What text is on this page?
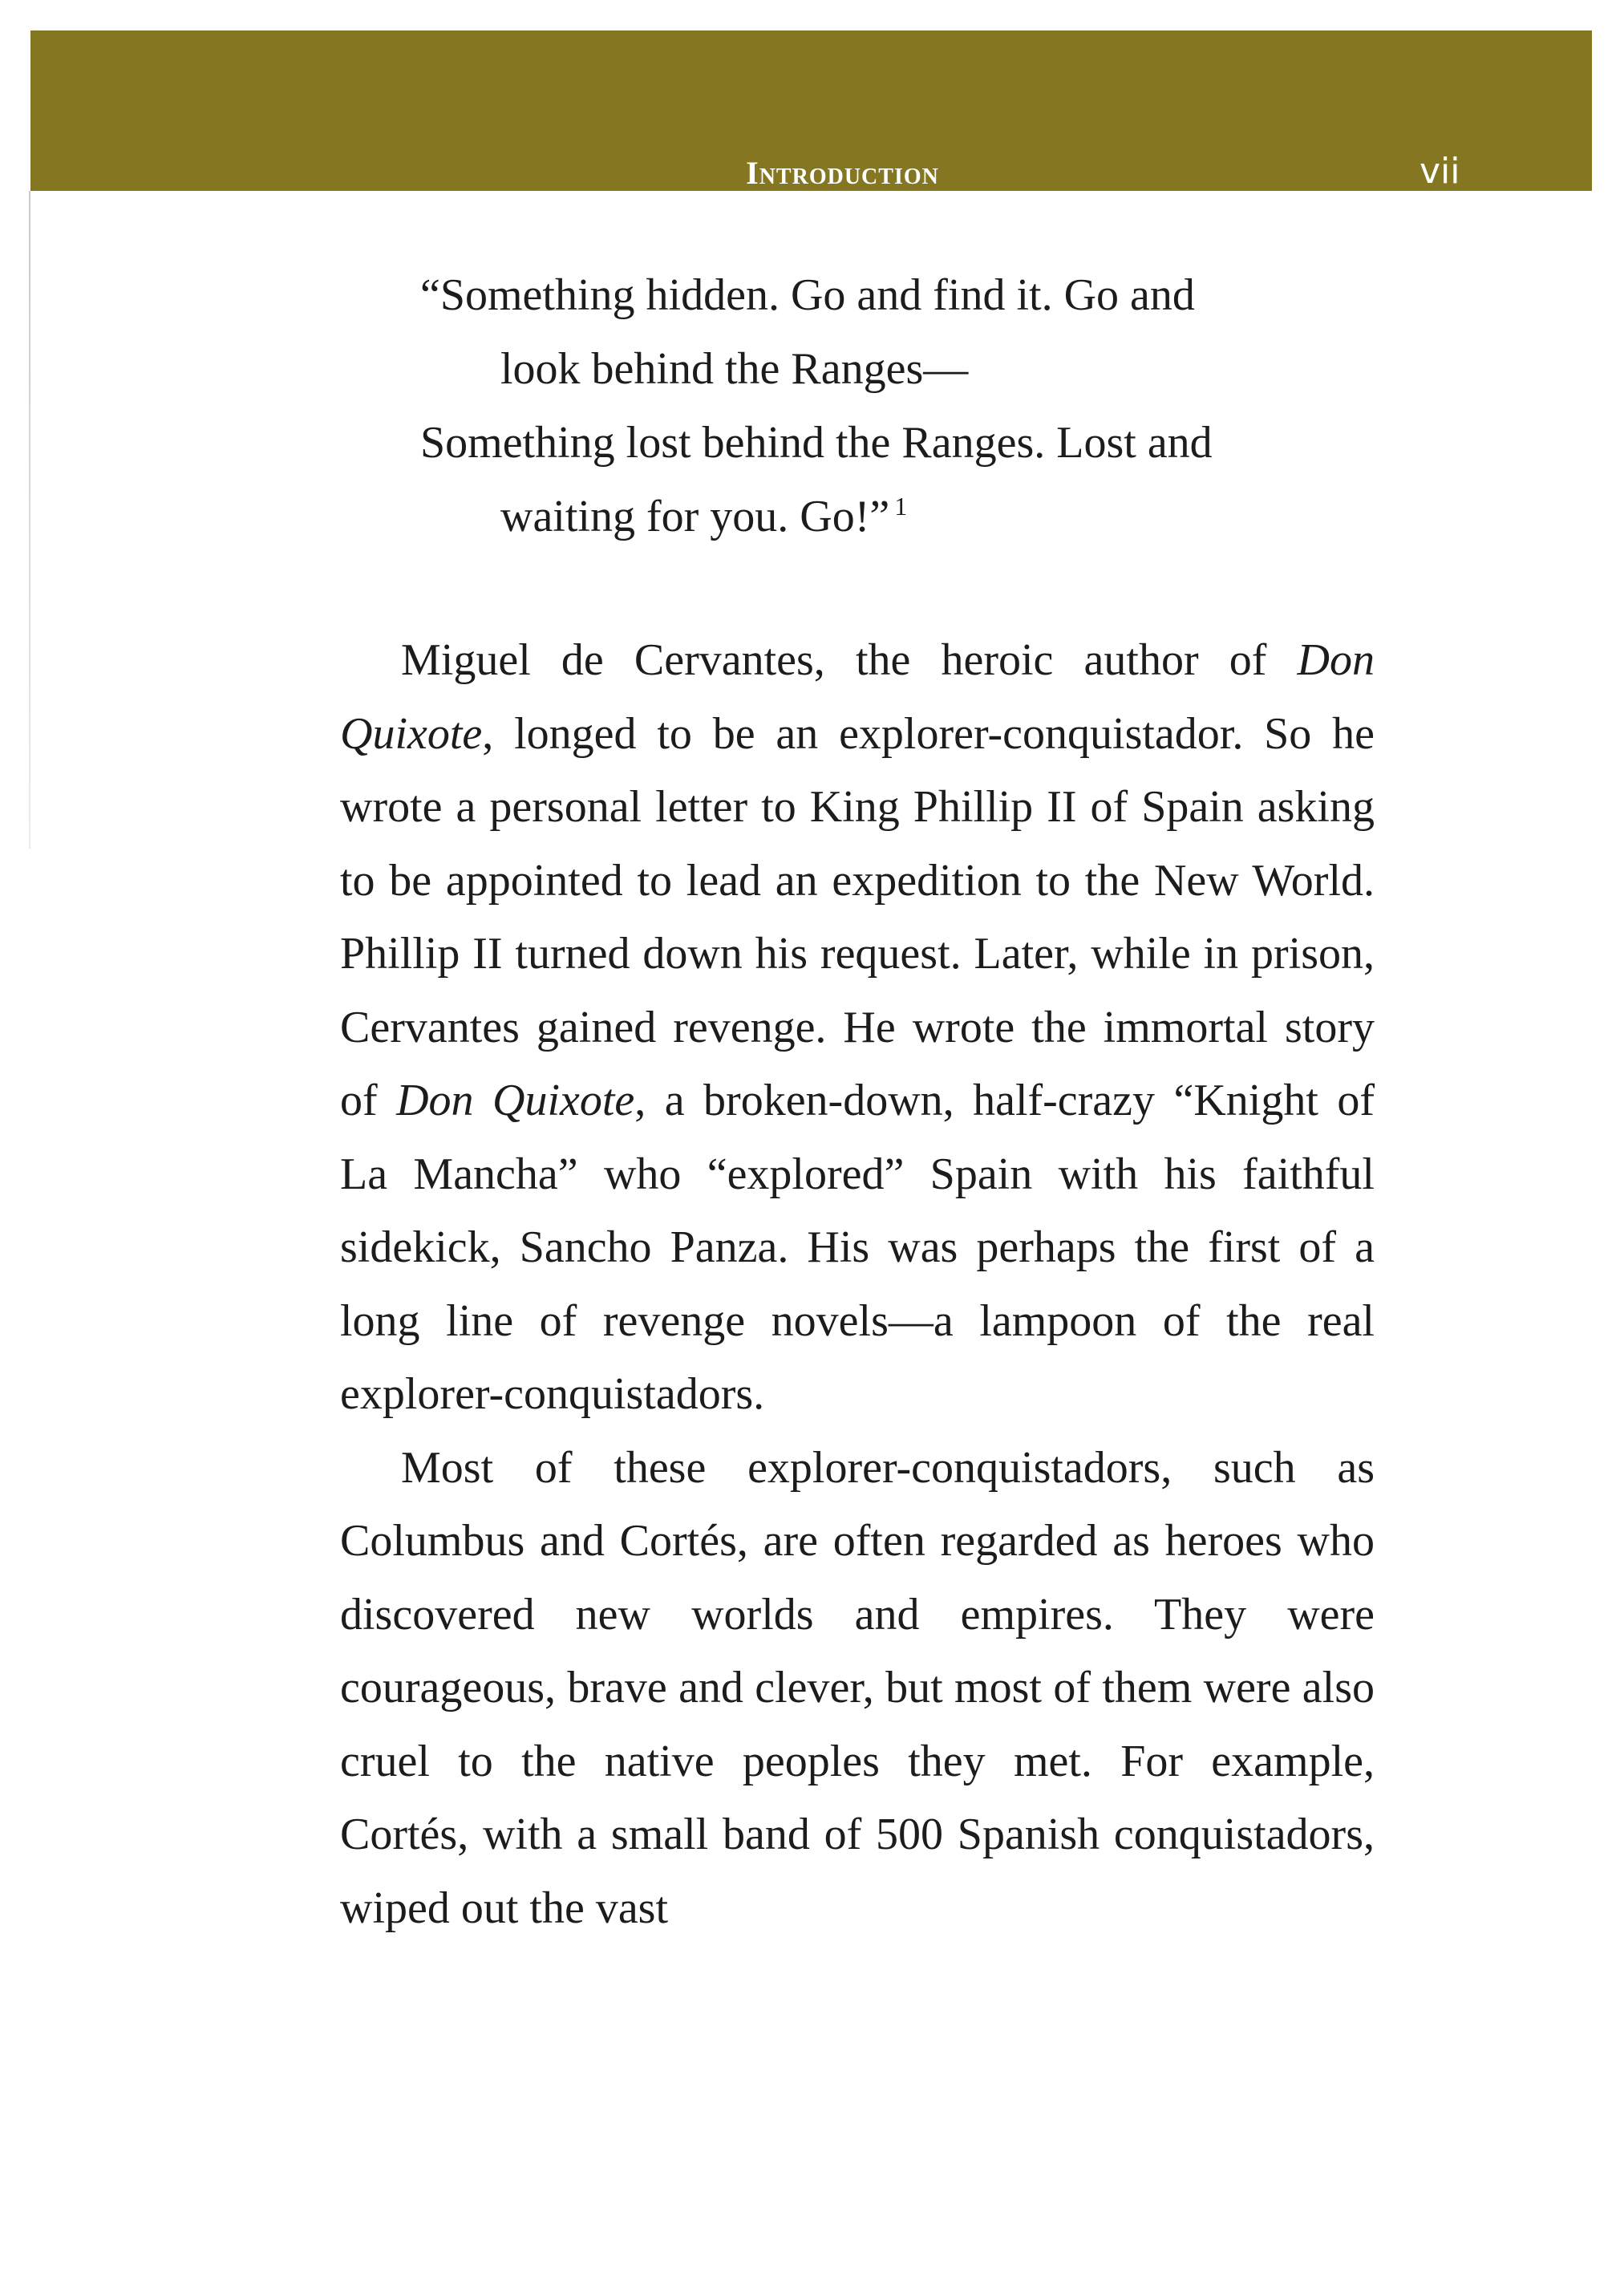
Introduction	vii
“Something hidden. Go and find it. Go and
look behind the Ranges—
Something lost behind the Ranges. Lost and
waiting for you. Go!” $^1$

Miguel de Cervantes, the heroic author of Don Quixote, longed to be an explorer-conquistador. So he wrote a personal letter to King Phillip II of Spain asking to be appointed to lead an expedition to the New World. Phillip II turned down his request. Later, while in prison, Cervantes gained revenge. He wrote the immortal story of Don Quixote, a broken-down, half-crazy “Knight of La Mancha” who “explored” Spain with his faithful sidekick, Sancho Panza. His was perhaps the first of a long line of revenge novels—a lampoon of the real explorer-conquistadors.

Most of these explorer-conquistadors, such as Columbus and Cortés, are often regarded as heroes who discovered new worlds and empires. They were courageous, brave and clever, but most of them were also cruel to the native peoples they met. For example, Cortés, with a small band of 500 Spanish conquistadors, wiped out the vast
